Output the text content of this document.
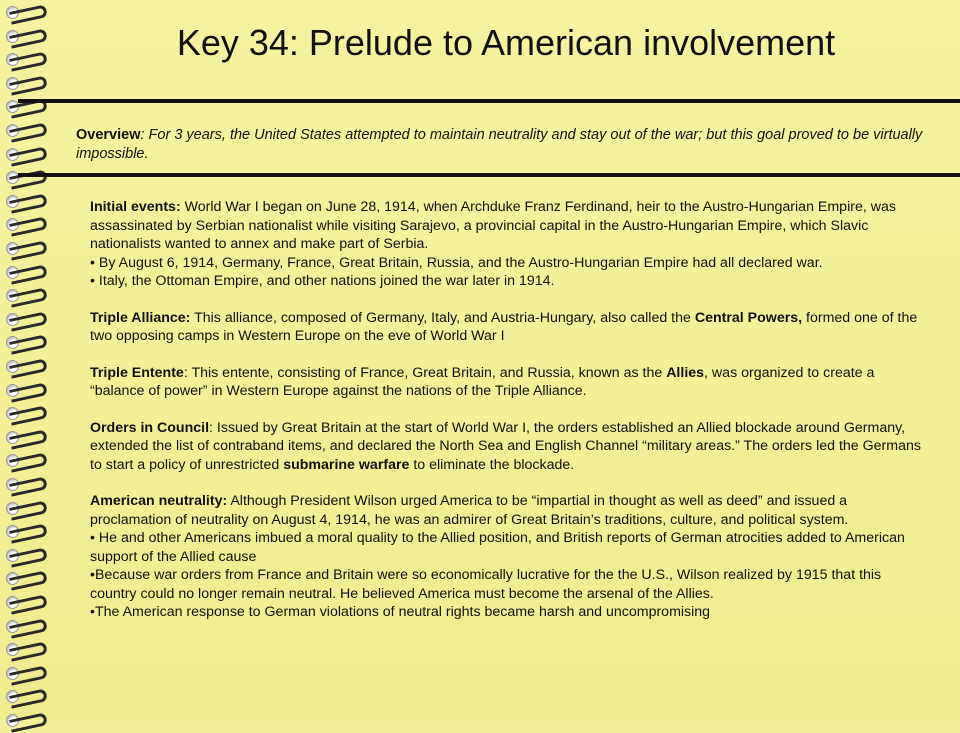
Key 34: Prelude to American involvement
Overview: For 3 years, the United States attempted to maintain neutrality and stay out of the war; but this goal proved to be virtually impossible.

Initial events: World War I began on June 28, 1914, when Archduke Franz Ferdinand, heir to the Austro-Hungarian Empire, was assassinated by Serbian nationalist while visiting Sarajevo, a provincial capital in the Austro-Hungarian Empire, which Slavic nationalists wanted to annex and make part of Serbia.
• By August 6, 1914, Germany, France, Great Britain, Russia, and the Austro-Hungarian Empire had all declared war.
• Italy, the Ottoman Empire, and other nations joined the war later in 1914.

Triple Alliance: This alliance, composed of Germany, Italy, and Austria-Hungary, also called the Central Powers, formed one of the two opposing camps in Western Europe on the eve of World War I

Triple Entente: This entente, consisting of France, Great Britain, and Russia, known as the Allies, was organized to create a “balance of power” in Western Europe against the nations of the Triple Alliance.

Orders in Council: Issued by Great Britain at the start of World War I, the orders established an Allied blockade around Germany, extended the list of contraband items, and declared the North Sea and English Channel “military areas.” The orders led the Germans to start a policy of unrestricted submarine warfare to eliminate the blockade.

American neutrality: Although President Wilson urged America to be “impartial in thought as well as deed” and issued a proclamation of neutrality on August 4, 1914, he was an admirer of Great Britain’s traditions, culture, and political system.
• He and other Americans imbued a moral quality to the Allied position, and British reports of German atrocities added to American support of the Allied cause
•Because war orders from France and Britain were so economically lucrative for the the U.S., Wilson realized by 1915 that this country could no longer remain neutral. He believed America must become the arsenal of the Allies.
•The American response to German violations of neutral rights became harsh and uncompromising
